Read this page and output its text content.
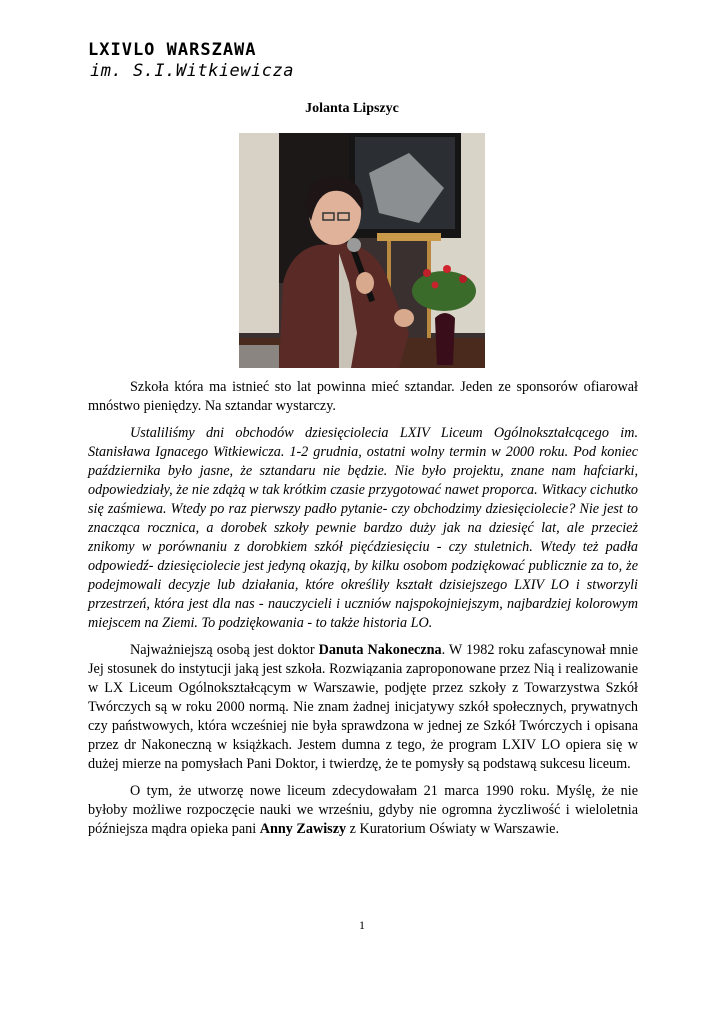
LXIVLO WARSZAWA
im. S.I.Witkiewicza
Jolanta Lipszyc

Szkoła która ma istnieć sto lat powinna mieć sztandar. Jeden ze sponsorów ofiarował mnóstwo pieniędzy. Na sztandar wystarczy.

Ustaliliśmy dni obchodów dziesięciolecia LXIV Liceum Ogólnokształcącego im. Stanisława Ignacego Witkiewicza. 1-2 grudnia, ostatni wolny termin w 2000 roku. Pod koniec października było jasne, że sztandaru nie będzie. Nie było projektu, znane nam hafciarki, odpowiedziały, że nie zdążą w tak krótkim czasie przygotować nawet proporca. Witkacy cichutko się zaśmiewa. Wtedy po raz pierwszy padło pytanie- czy obchodzimy dziesięciolecie? Nie jest to znacząca rocznica, a dorobek szkoły pewnie bardzo duży jak na dziesięć lat, ale przecież znikomy w porównaniu z dorobkiem szkół pięćdziesięciu - czy stuletnich. Wtedy też padła odpowiedź- dziesięciolecie jest jedyną okazją, by kilku osobom podziękować publicznie za to, że podejmowali decyzje lub działania, które określiły kształt dzisiejszego LXIV LO i stworzyli przestrzeń, która jest dla nas - nauczycieli i uczniów najspokojniejszym, najbardziej kolorowym miejscem na Ziemi. To podziękowania - to także historia LO.

Najważniejszą osobą jest doktor Danuta Nakoneczna. W 1982 roku zafascynował mnie Jej stosunek do instytucji jaką jest szkoła. Rozwiązania zaproponowane przez Nią i realizowanie w LX Liceum Ogólnokształcącym w Warszawie, podjęte przez szkoły z Towarzystwa Szkół Twórczych są w roku 2000 normą. Nie znam żadnej inicjatywy szkół społecznych, prywatnych czy państwowych, która wcześniej nie była sprawdzona w jednej ze Szkół Twórczych i opisana przez dr Nakoneczną w książkach. Jestem dumna z tego, że program LXIV LO opiera się w dużej mierze na pomysłach Pani Doktor, i twierdzę, że te pomysły są podstawą sukcesu liceum.

O tym, że utworzę nowe liceum zdecydowałam 21 marca 1990 roku. Myślę, że nie byłoby możliwe rozpoczęcie nauki we wrześniu, gdyby nie ogromna życzliwość i wieloletnia późniejsza mądra opieka pani Anny Zawiszy z Kuratorium Oświaty w Warszawie.

1
